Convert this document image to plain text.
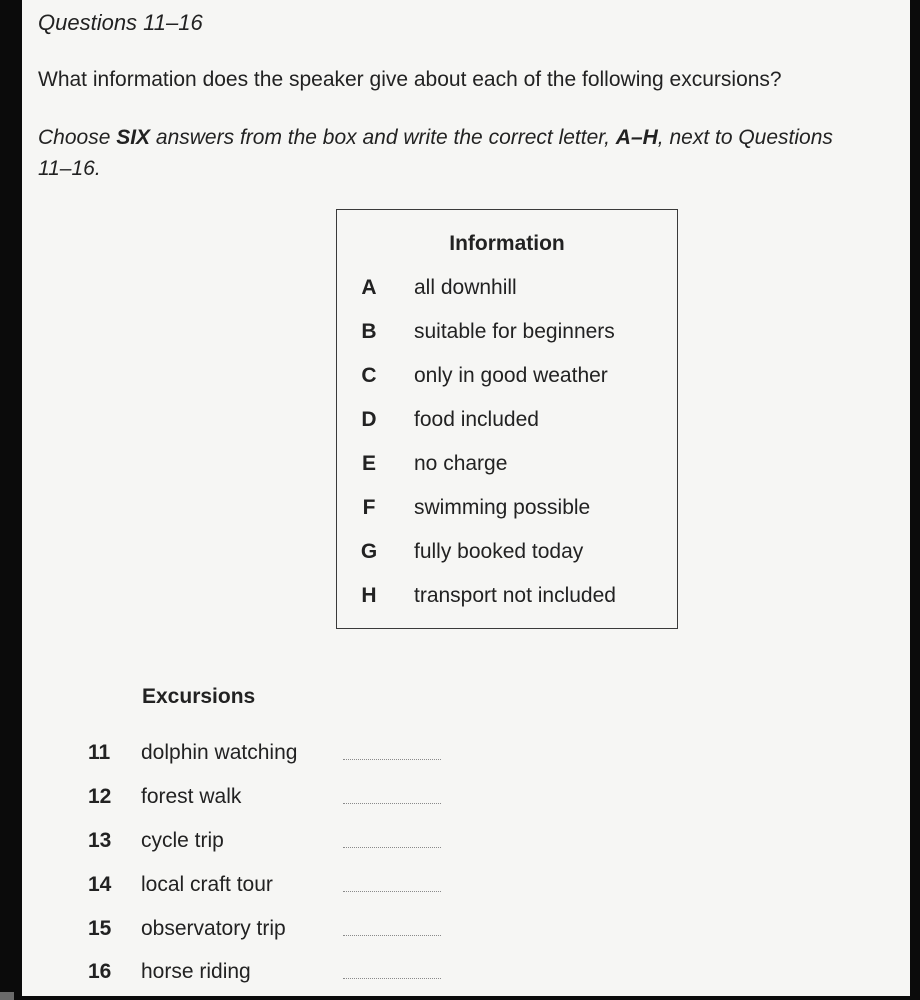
Questions 11–16

What information does the speaker give about each of the following excursions?

Choose SIX answers from the box and write the correct letter, A–H, next to Questions 11–16.

Information
A all downhill
B suitable for beginners
C only in good weather
D food included
E no charge
F swimming possible
G fully booked today
H transport not included
Excursions
11 dolphin watching
12 forest walk
13 cycle trip
14 local craft tour
15 observatory trip
16 horse riding
